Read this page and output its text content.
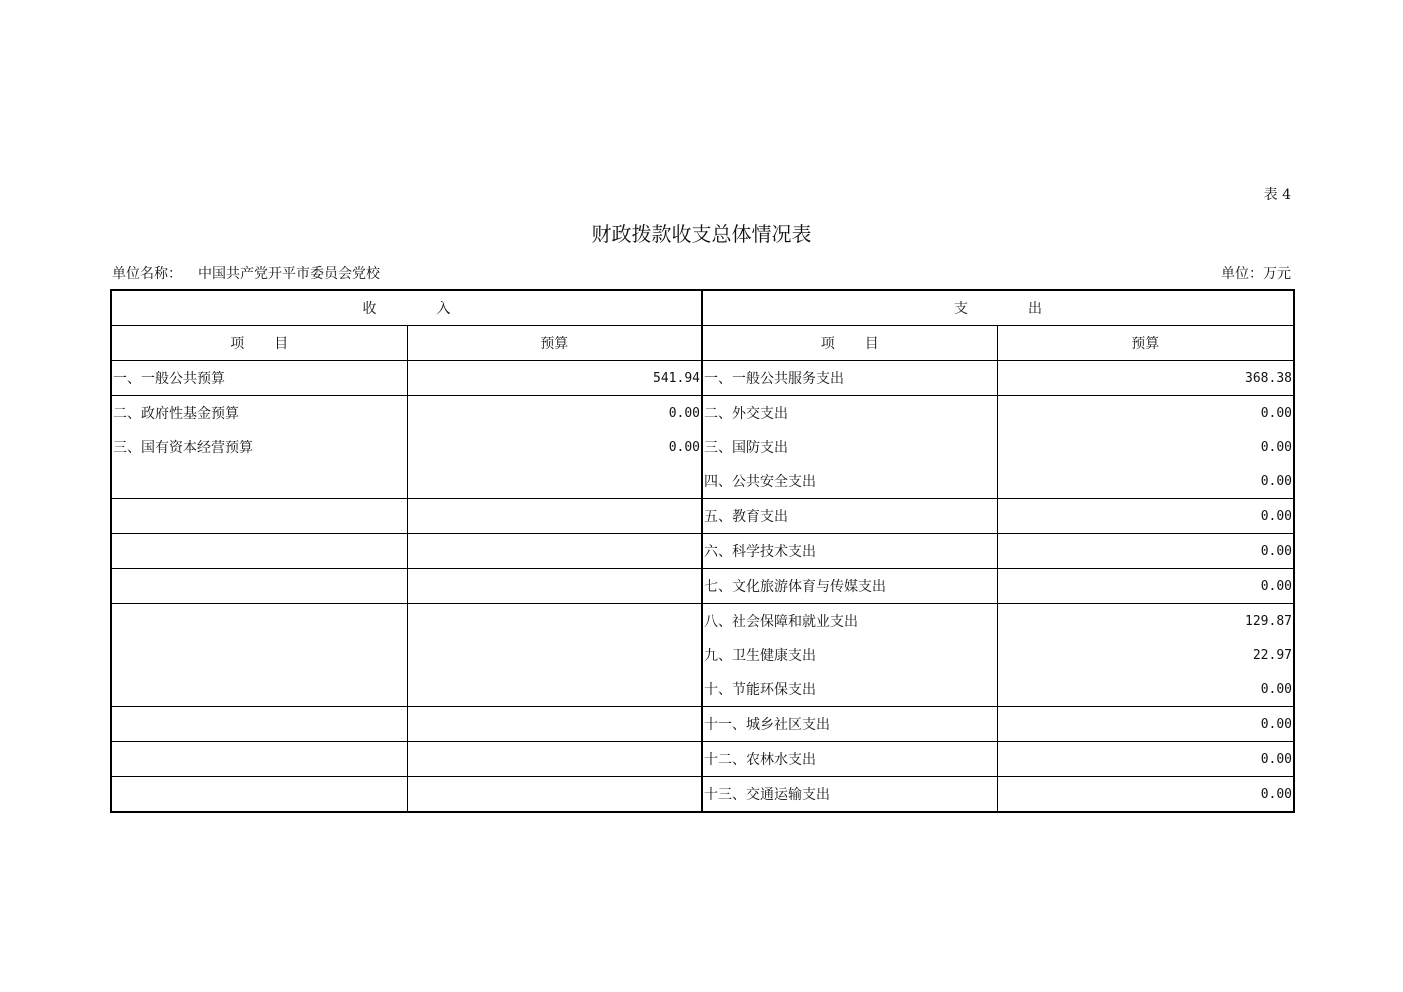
表 4
财政拨款收支总体情况表
单位名称： 中国共产党开平市委员会党校	单位：万元
收 入		支 出	
项 目	预算	项 目	预算
一、一般公共预算	541.94	一、一般公共服务支出	368.38
二、政府性基金预算	0.00	二、外交支出	0.00
三、国有资本经营预算	0.00	三、国防支出	0.00
		四、公共安全支出	0.00
		五、教育支出	0.00
		六、科学技术支出	0.00
		七、文化旅游体育与传媒支出	0.00
		八、社会保障和就业支出	129.87
		九、卫生健康支出	22.97
		十、节能环保支出	0.00
		十一、城乡社区支出	0.00
		十二、农林水支出	0.00
		十三、交通运输支出	0.00
